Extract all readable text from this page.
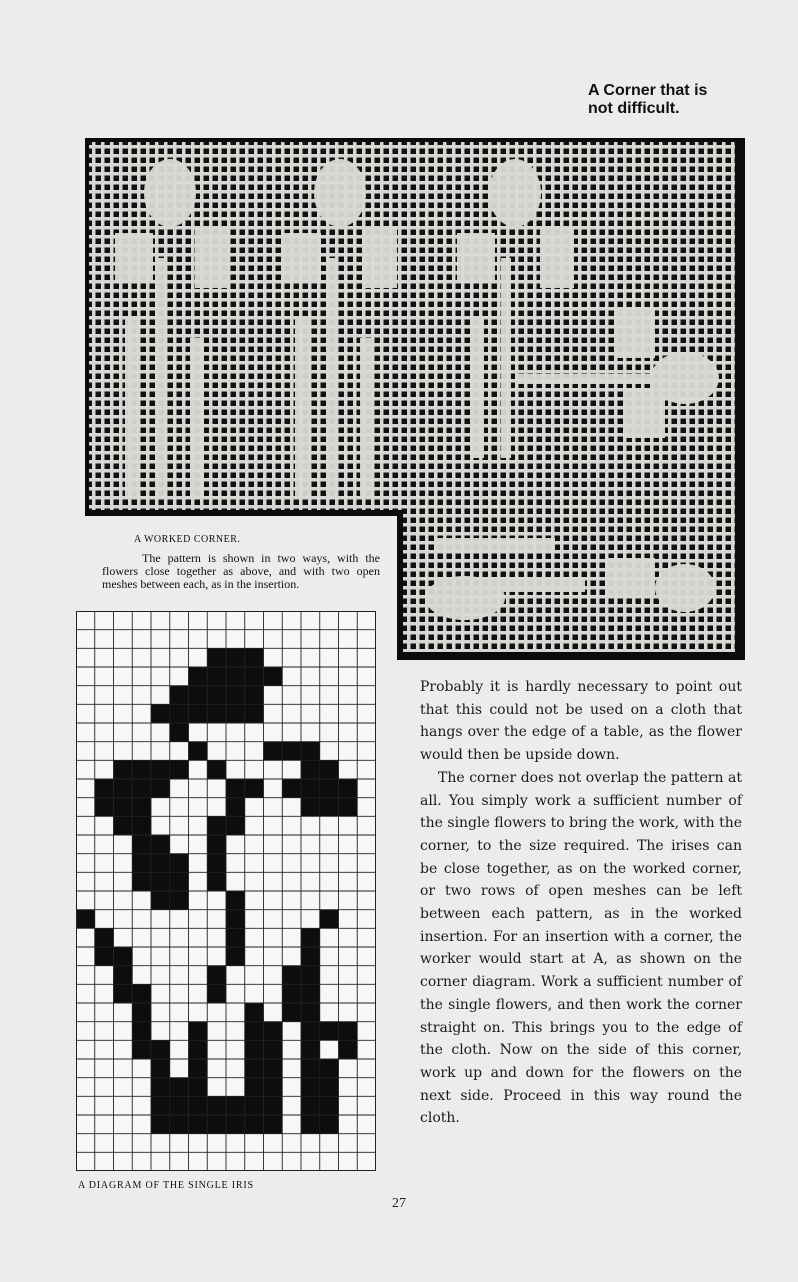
A Corner that is
not difficult.
A WORKED CORNER.
The pattern is shown in two ways, with the flowers close together as above, and with two open meshes between each, as in the insertion.
A DIAGRAM OF THE SINGLE IRIS

Probably it is hardly necessary to point out that this could not be used on a cloth that hangs over the edge of a table, as the flower would then be upside down.

The corner does not overlap the pattern at all. You simply work a sufficient number of the single flowers to bring the work, with the corner, to the size required. The irises can be close together, as on the worked corner, or two rows of open meshes can be left between each pattern, as in the worked insertion. For an insertion with a corner, the worker would start at A, as shown on the corner diagram. Work a sufficient number of the single flowers, and then work the corner straight on. This brings you to the edge of the cloth. Now on the side of this corner, work up and down for the flowers on the next side. Proceed in this way round the cloth.

27
